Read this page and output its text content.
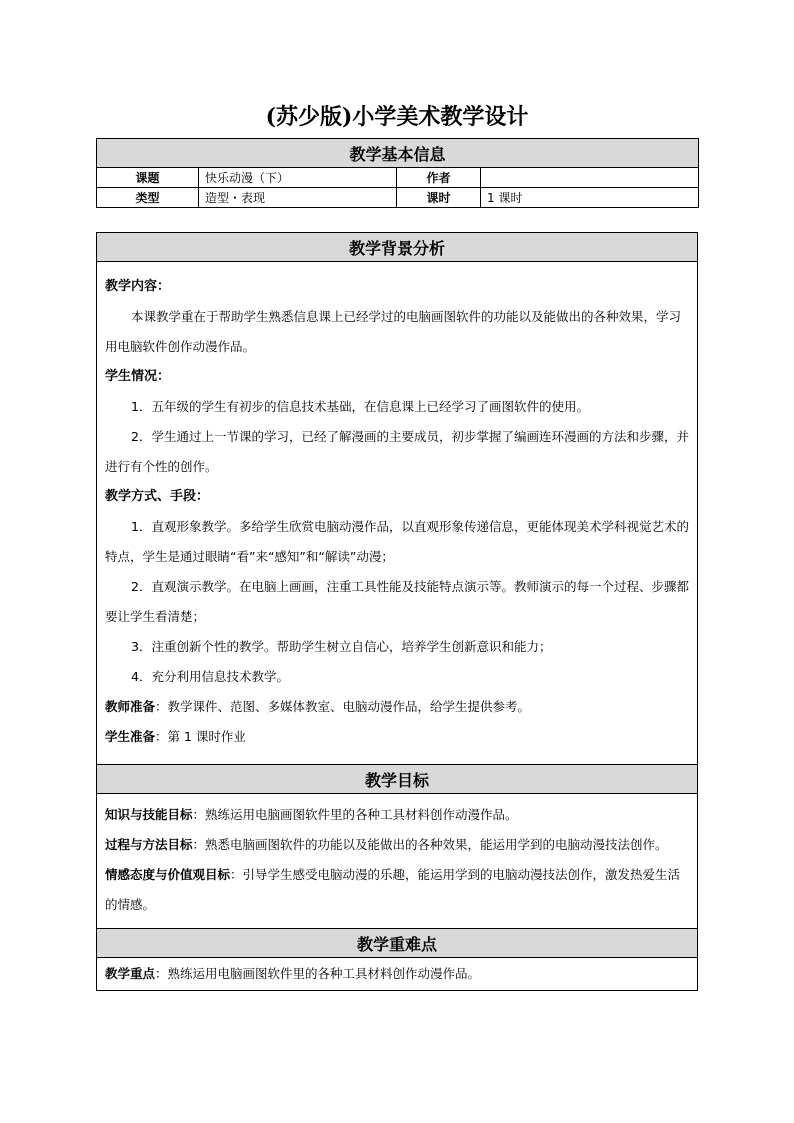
(苏少版)小学美术教学设计
教学基本信息			
课题	快乐动漫（下）	作者	
类型	造型・表现	课时	1 课时
教学背景分析

教学内容：

本课教学重在于帮助学生熟悉信息课上已经学过的电脑画图软件的功能以及能做出的各种效果，学习用电脑软件创作动漫作品。

学生情况：

1．五年级的学生有初步的信息技术基础，在信息课上已经学习了画图软件的使用。

2．学生通过上一节课的学习，已经了解漫画的主要成员，初步掌握了编画连环漫画的方法和步骤，并进行有个性的创作。

教学方式、手段：

1．直观形象教学。多给学生欣赏电脑动漫作品，以直观形象传递信息，更能体现美术学科视觉艺术的特点，学生是通过眼睛“看”来“感知”和“解读”动漫；

2．直观演示教学。在电脑上画画，注重工具性能及技能特点演示等。教师演示的每一个过程、步骤都要让学生看清楚；

3．注重创新个性的教学。帮助学生树立自信心，培养学生创新意识和能力；

4．充分利用信息技术教学。

教师准备：教学课件、范图、多媒体教室、电脑动漫作品，给学生提供参考。

学生准备：第 1 课时作业

教学目标

知识与技能目标：熟练运用电脑画图软件里的各种工具材料创作动漫作品。

过程与方法目标：熟悉电脑画图软件的功能以及能做出的各种效果，能运用学到的电脑动漫技法创作。

情感态度与价值观目标：引导学生感受电脑动漫的乐趣，能运用学到的电脑动漫技法创作，激发热爱生活的情感。

教学重难点

教学重点：熟练运用电脑画图软件里的各种工具材料创作动漫作品。
